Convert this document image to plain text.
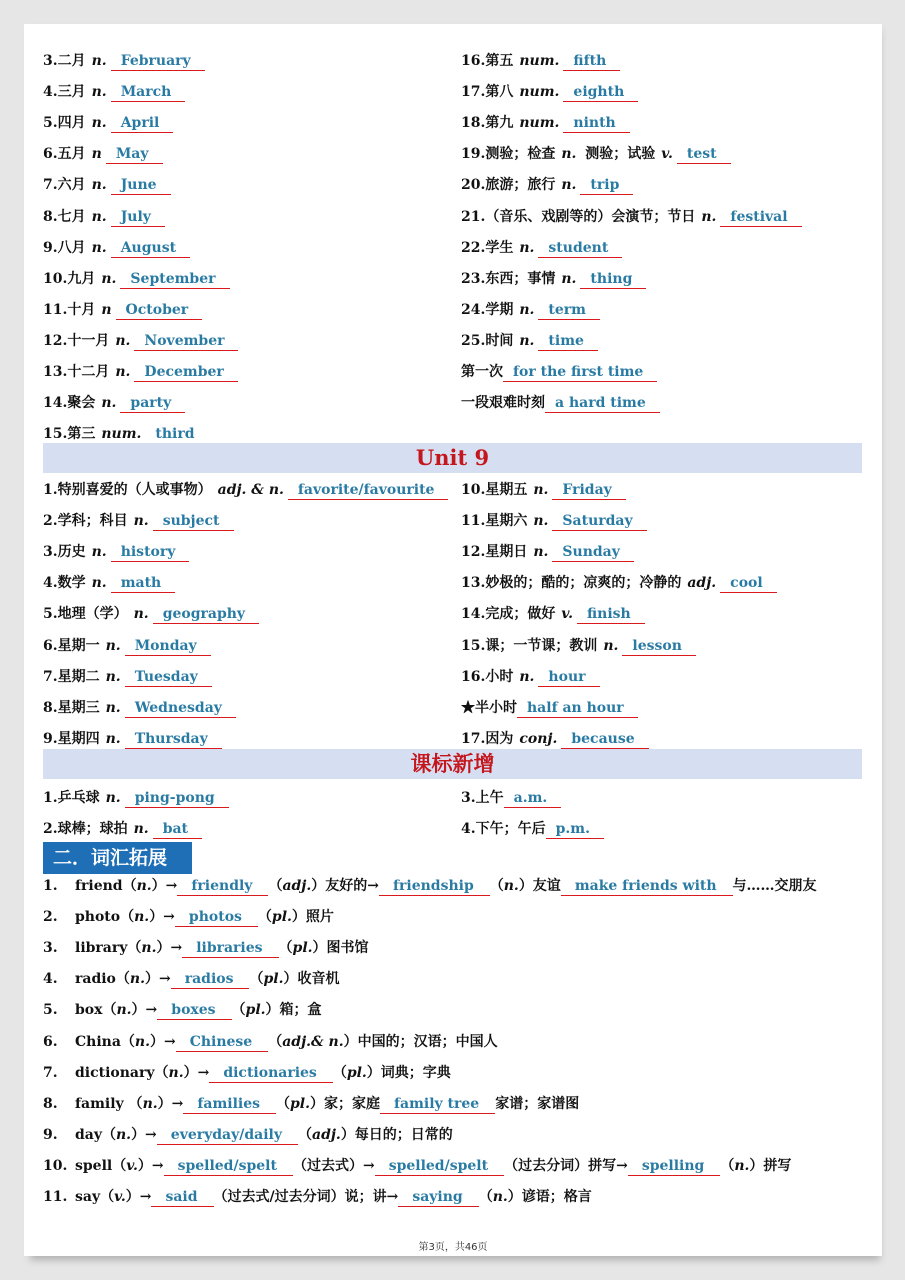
3.二月 n. February
4.三月 n. March
5.四月 n. April
6.五月 n May
7.六月 n. June
8.七月 n. July
9.八月 n. August
10.九月 n. September
11.十月 n October
12.十一月 n. November
13.十二月 n. December
14.聚会 n. party
15.第三 num. third
16.第五 num. fifth
17.第八 num. eighth
18.第九 num. ninth
19.测验；检查 n. 测验；试验 v. test
20.旅游；旅行 n. trip
21.（音乐、戏剧等的）会演节；节日 n. festival
22.学生 n. student
23.东西；事情 n. thing
24.学期 n. term
25.时间 n. time
第一次 for the first time
一段艰难时刻 a hard time
Unit 9
1.特别喜爱的（人或事物） adj. & n. favorite/favourite
2.学科；科目 n. subject
3.历史 n. history
4.数学 n. math
5.地理（学） n. geography
6.星期一 n. Monday
7.星期二 n. Tuesday
8.星期三 n. Wednesday
9.星期四 n. Thursday
10.星期五 n. Friday
11.星期六 n. Saturday
12.星期日 n. Sunday
13.妙极的；酷的；凉爽的；冷静的 adj. cool
14.完成；做好 v. finish
15.课；一节课；教训 n. lesson
16.小时 n. hour
★半小时 half an hour
17.因为 conj. because
课标新增
1.乒乓球 n. ping-pong
2.球棒；球拍 n. bat
3.上午 a.m.
4.下午；午后 p.m.
二．词汇拓展
1. friend（n.）→ friendly （adj.）友好的→ friendship （n.）友谊 make friends with 与……交朋友
2. photo（n.）→ photos （pl.）照片
3. library（n.）→ libraries （pl.）图书馆
4. radio（n.）→ radios （pl.）收音机
5. box（n.）→ boxes （pl.）箱；盒
6. China（n.）→ Chinese （adj.& n.）中国的；汉语；中国人
7. dictionary（n.）→ dictionaries （pl.）词典；字典
8. family （n.）→ families （pl.）家；家庭 family tree 家谱；家谱图
9. day（n.）→ everyday/daily （adj.）每日的；日常的
10. spell（v.）→ spelled/spelt （过去式）→ spelled/spelt （过去分词）拼写→ spelling （n.）拼写
11. say（v.）→ said （过去式/过去分词）说；讲→ saying （n.）谚语；格言
第3页，共46页
